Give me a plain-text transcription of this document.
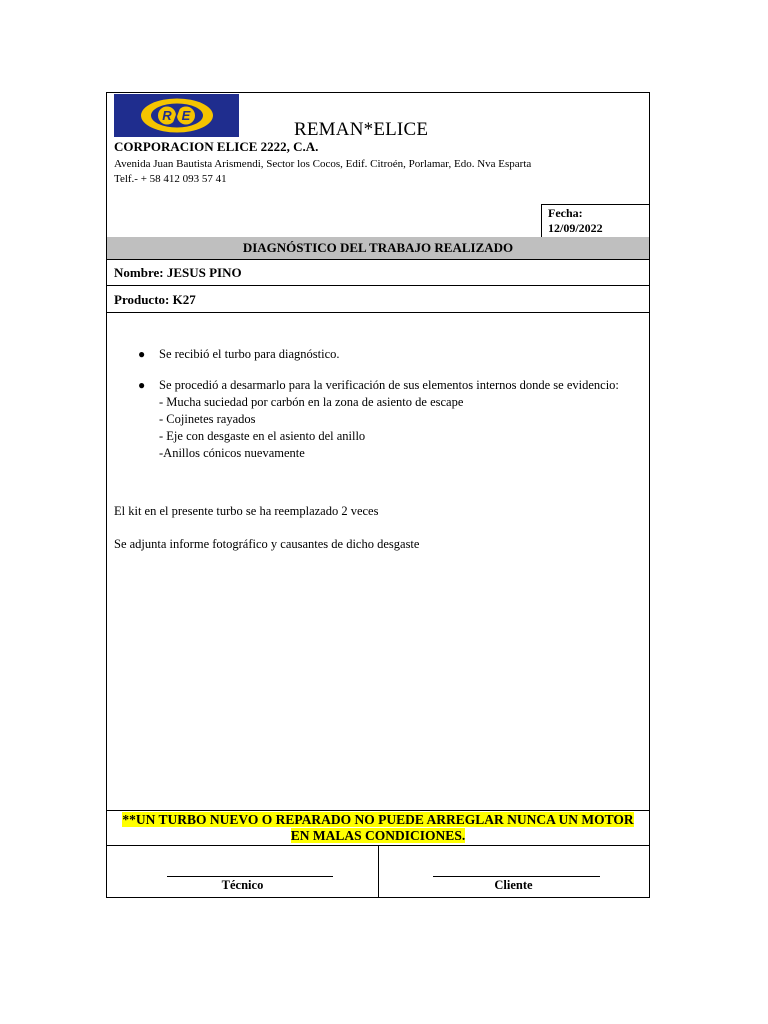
R E
REMAN*ELICE
CORPORACION ELICE 2222, C.A.
Avenida Juan Bautista Arismendi, Sector los Cocos, Edif. Citroén, Porlamar, Edo. Nva Esparta
Telf.- + 58 412 093 57 41
Fecha:
12/09/2022
DIAGNÓSTICO DEL TRABAJO REALIZADO
Nombre: JESUS PINO
Producto: K27
● Se recibió el turbo para diagnóstico.
● Se procedió a desarmarlo para la verificación de sus elementos internos donde se evidencio:
- Mucha suciedad por carbón en la zona de asiento de escape
- Cojinetes rayados
- Eje con desgaste en el asiento del anillo
-Anillos cónicos nuevamente
El kit en el presente turbo se ha reemplazado 2 veces
Se adjunta informe fotográfico y causantes de dicho desgaste
**UN TURBO NUEVO O REPARADO NO PUEDE ARREGLAR NUNCA UN MOTOR
EN MALAS CONDICIONES.
Técnico	Cliente
